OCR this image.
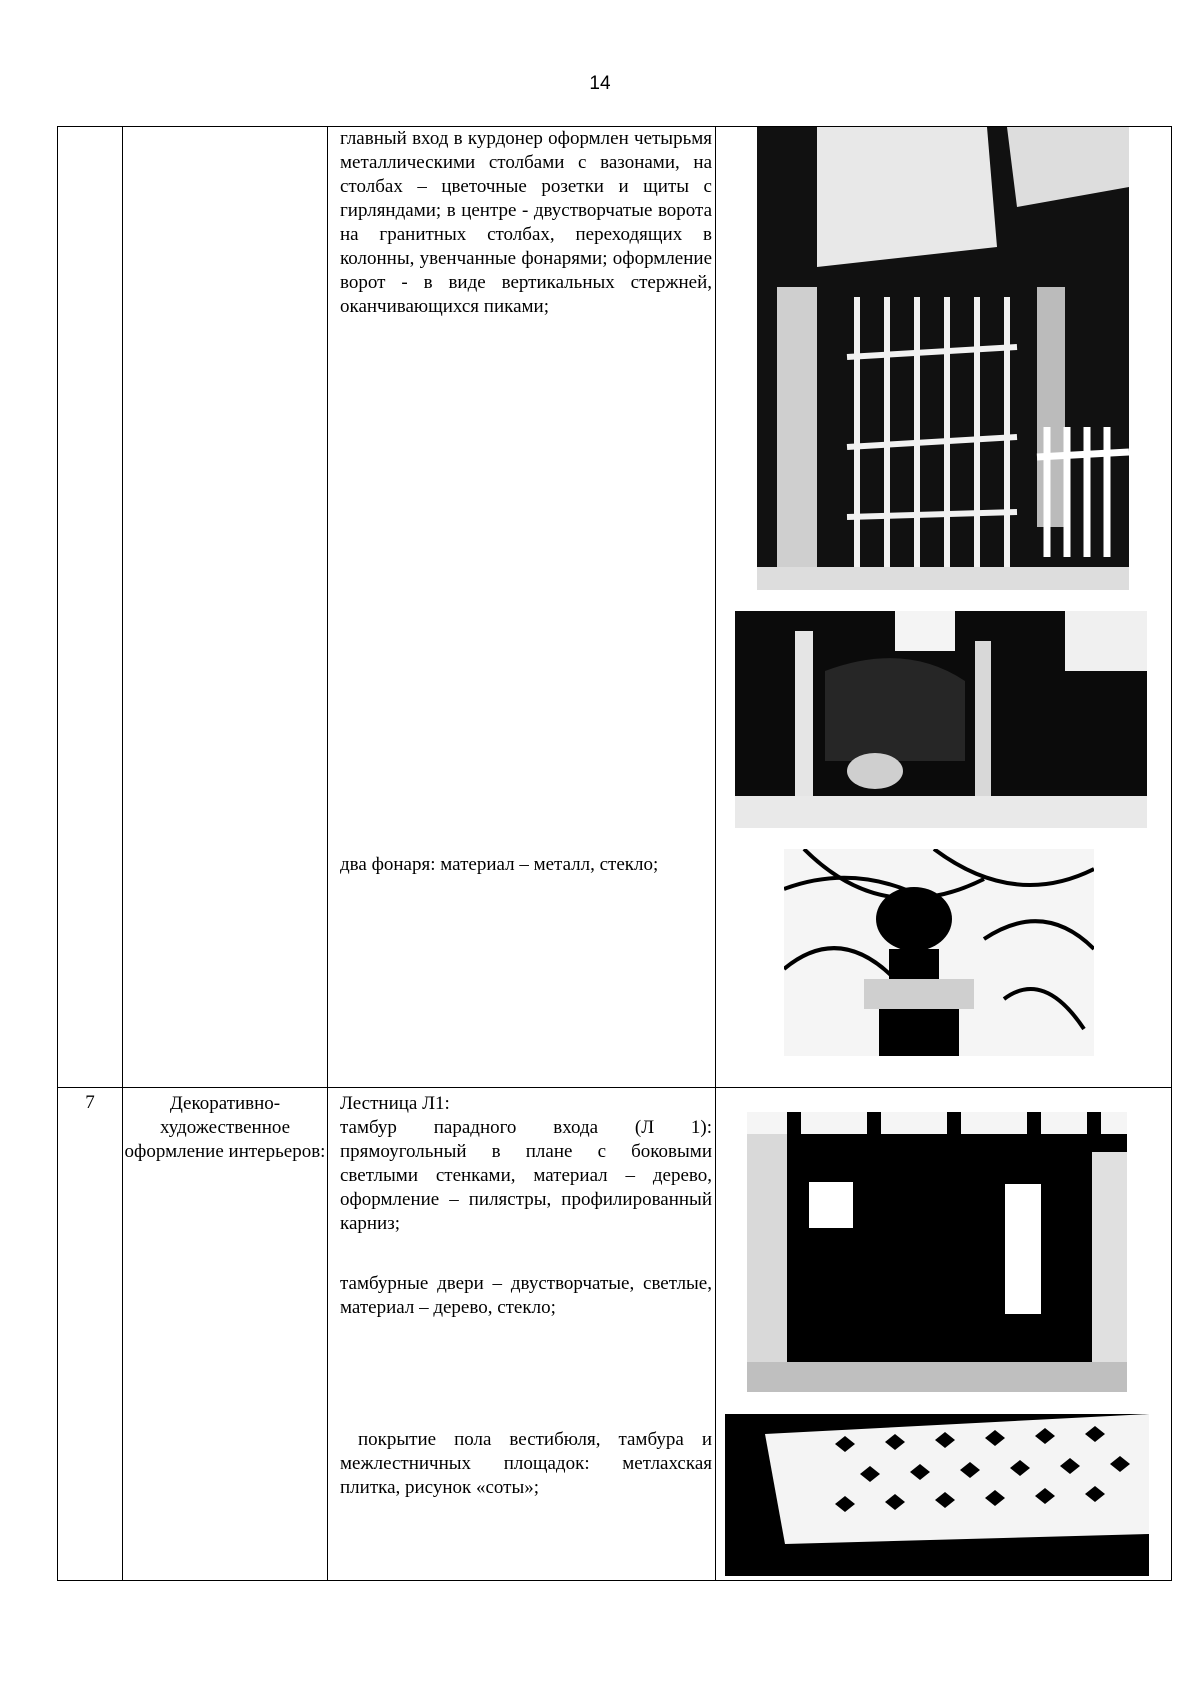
14

		главный вход в курдонер оформлен четырьмя металлическими столбами с вазонами, на столбах – цветочные розетки и щиты с гирляндами; в центре - двустворчатые ворота на гранитных столбах, переходящих в колонны, увенчанные фонарями; оформление ворот - в виде вертикальных стержней, оканчивающихся пиками;
два фонаря: материал – металл, стекло;

7	Декоративно-художественное оформление интерьеров:	Лестница Л1:
тамбур парадного входа (Л 1): прямоугольный в плане с боковыми светлыми стенками, материал – дерево, оформление – пилястры, профилированный карниз;
тамбурные двери – двустворчатые, светлые, материал – дерево, стекло;
покрытие пола вестибюля, тамбура и межлестничных площадок: метлахская плитка, рисунок «соты»;
